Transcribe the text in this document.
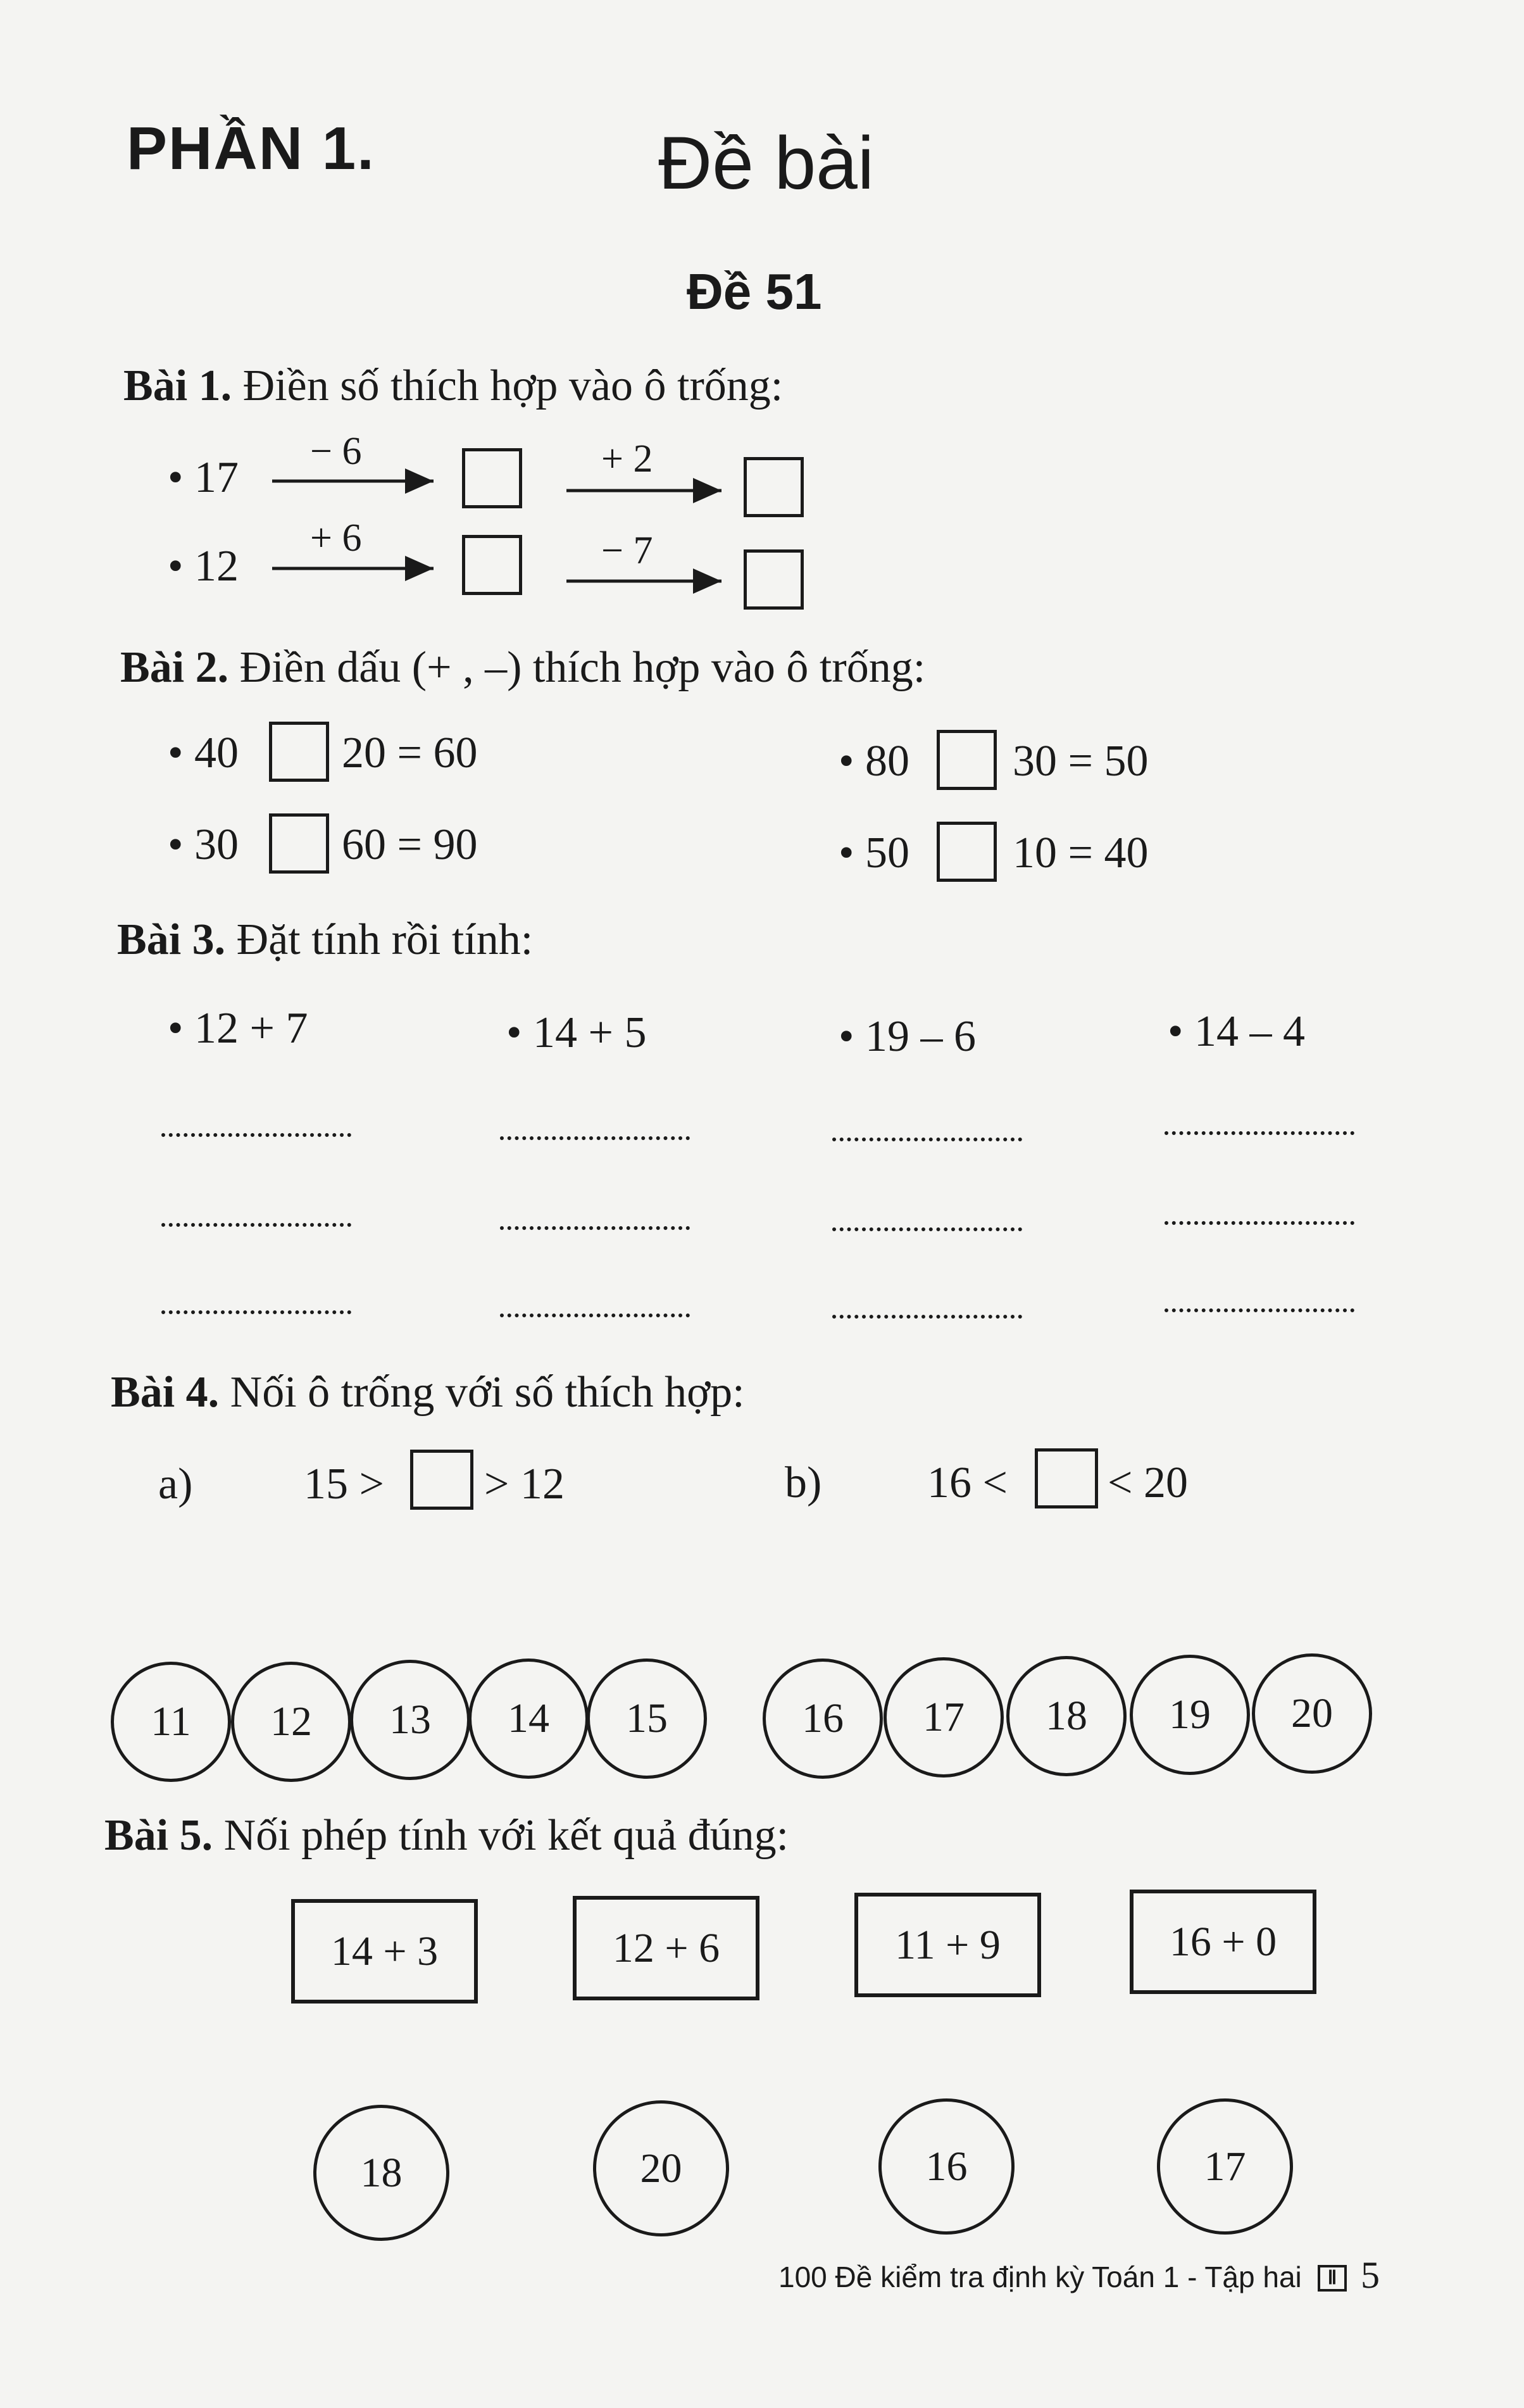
PHẦN 1.	Đề bài
Đề 51
Bài 1. Điền số thích hợp vào ô trống:
• 17
− 6	+ 2
• 12
+ 6	− 7
Bài 2. Điền dấu (+ , –) thích hợp vào ô trống:
• 40 20 = 60	• 80 30 = 50
• 30 60 = 90	• 50 10 = 40
Bài 3. Đặt tính rồi tính:
• 12 + 7	• 14 + 5	• 19 – 6	• 14 – 4
Bài 4. Nối ô trống với số thích hợp:
a)	15 > > 12	b) 16 < < 20
11	12	13	14	15	16	17	18	19	20
Bài 5. Nối phép tính với kết quả đúng:
14 + 3	12 + 6	11 + 9	16 + 0
18	20	16	17
100 Đề kiểm tra định kỳ Toán 1 - Tập hai	Ⅱ 5
